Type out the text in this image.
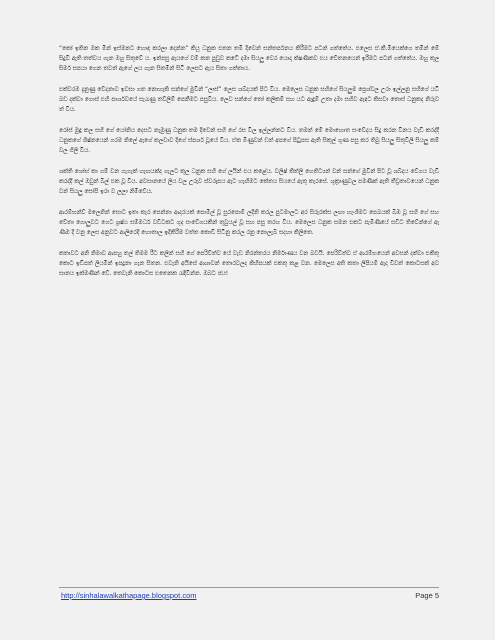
“කෝ ඉතින ඔක මින් ඉස්මනට හොඳ කරලා දෙන්න” කියූ ධනුක එතන තමි දිවෙන් සන්තර්පනය කිරීමට පටන් ගත්තේය. එලෙස ඒ.කී.මියෙක්ගෙ තමින් මේ සිදුවී ඇති තත්වය ගැන ඔහු සිතුවේ ය. ඉන්පසු ඇයගේ වම් කන පුඩුව කටේ දමා සියලු වෙර යොදා ක්ෂණිකව එය චේතනයෙන් ඉරීමට පටන් ගත්තේය. ඔහු කුල සිර්ම සපයා ගෙන තවත් ඇගේ ලය ගැන සිතමින් සිටි ලෙසට ඇය සිතා ගත්තාය.

එක්වරම දැනුණු වේදනාව ඉවසා ගත නොහැකි සන්ගේ මුවින් “ලාස්” ලෙස ශබ්දයක් පිට විය. මෙලෙස ධනුක සහිගේ සියලුම ප්‍රෙශ්වල උරා ඉල්ලනු සහිගේ යටි බඩ දක්වා ගොස් එහි පාර්ශවයේ සැරැණු තව්ලීම් පෙනීමට පසුවීය. ලෙව සන්ගේ තෝ කලිකම් සහ යට ඇඳුම් උතා දමා සහිව ඇඳට කිසවා තොස් ධනුකද නිරුවත් විය.

රෝස් මුඳු කල සහි ගේ යෝනිය දෙසට නැමුණු ධනුක තම දිවෙන් සහි ගේ රස විල ඉල්ලන්නට විය. තමන් මේ මොහොත සංවේදය සිදු කරන විනය වැඩි කරද්දී ධනුකගේ ශිෂ්නයෙන් ගරම නිලේ ඇගේ කලවාව දිගේ ස්පර්ශ වූයේ විය. ඒක මිණුවන් ඩත් අපගේ පිටුපස ඇති සිකුල් ගුණ පසු කර තිබු සියලු සිතුවිලි සියලු කම් වල ගිලී විය.

ශක්ති ශෝභ් කා ගම් වන ගැගැක් හැඟයක්ද ගැලට කුල ධනුක සහි ගේ ලයින් එය කළේය. වලිෂ් කිත්ලි හෙතිට්‍යන් වන් සන්ගේ මුවින් පිට වූ ශබ්දය වේගය වැඩි කරද්දී කල් ඔවුන් බිල් එක වූ විය. අවසානයේ ලිය වල උරුව ස්වරූපය ඇට හැඟීමට කේතය සියයේ ඇතු කැරසේ. ශුක්‍රාණුවල පමණික් ඇති තීව්‍රතාවයෙන් ධනුක වන් සියලු සෝපි ඉරා ව ලලා නිමිවේය.

ආරම්භන්ව් මලෙනින් සොට ඉතා කැර පෙන්නා ආදරයක් පොමිල් වූ සුරපොම් ලදීනි කරල පුටමාලට අර සිරුරක්ස ලඟා හැංශීමට පෙබයක් බිඹ වූ සහි ගේ සහ වේතා ගොලුවට ගෙට ශ්‍රෂ්ඨ සම්මර්ධ වඩිටකට ගුද සංවේගයකින් තුවුයල් වූ සහ පසු තරහ වීය. මෙලෙස ධනුක සමන එකට පැමිණියේ සඩීට තිවේන්ගේ ඇණීම දී වනු ලෙස අනුවට ආලිරෙදි හොතාල ඉදිකිරීම වත්ත කොඩි සිටිනු කරල රනු නොලැබී සදහා කිලිතෙ.

කතාවට අනි නිමාව ආපහු තල් තිමම රීට කලින් සහි ගේ පෙරිව්ත්ව යේ වැඩ නිරන්තරය නිර්මාණය වන බවයි. පෙරිව්ත්ව ඒ ආරම්භයෙන් අවසන් දක්වා එකිතු කොට ඉඩිපත් ලියමින් ඉපදුනා ගැන සිතන. එවැනි අයිසේ ආශාවන් තොරවලද කිහිපයක් එකතු කළ වන. මෙලෙස අති කතා ලිපියම් ඇද චීවත් කොටසක් අවසානය ඉක්මණින් වේ. තෙවැනි කොටස එතෙනක රැඳිවින්න. ඔබට ජය!

http://sinhalawalkathapage.blogspot.com	Page 5
